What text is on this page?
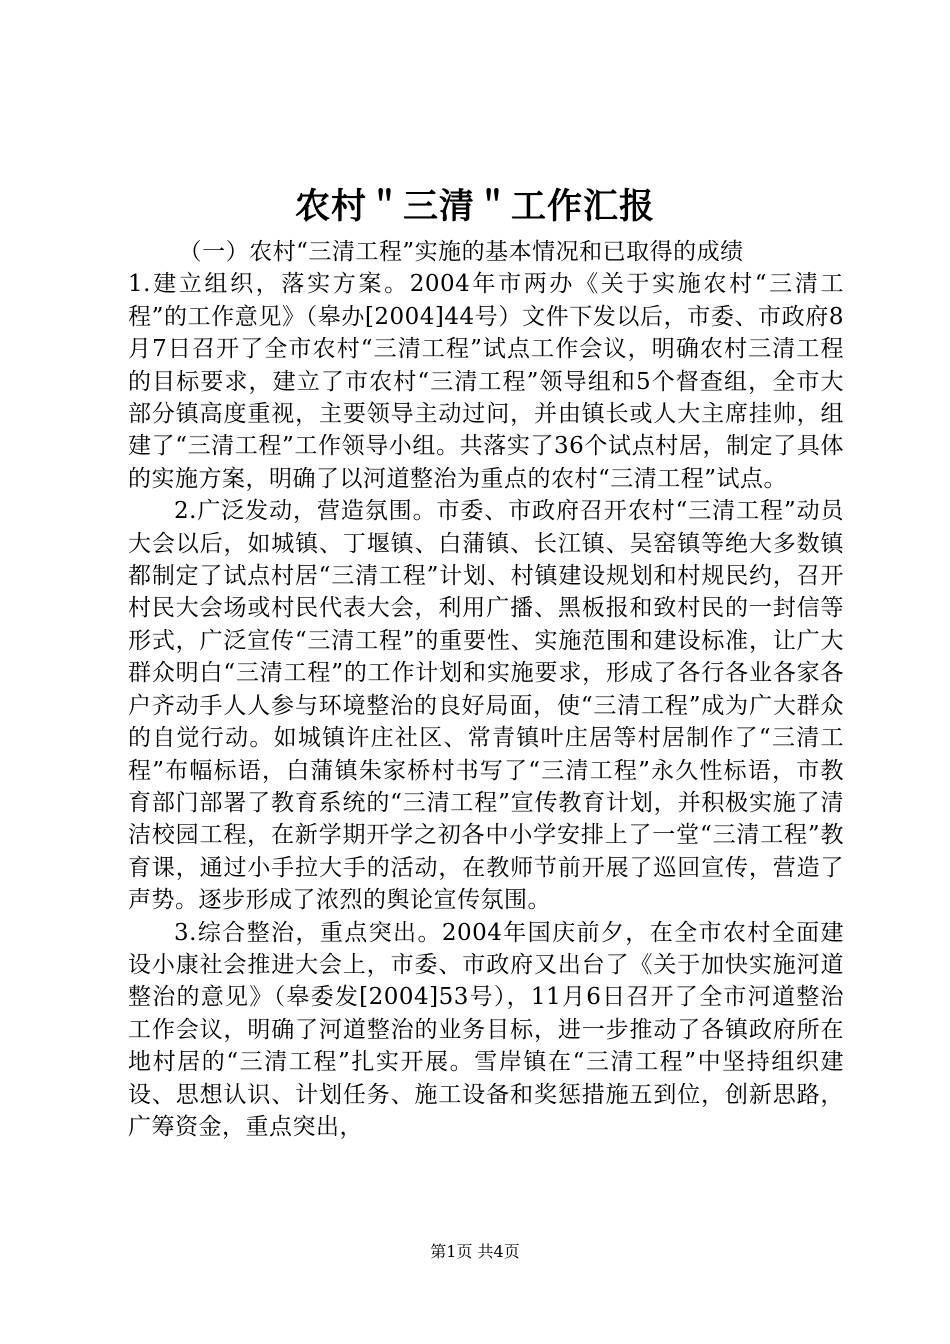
农村＂三清＂工作汇报

（一）农村“三清工程”实施的基本情况和已取得的成绩

1.建立组织，落实方案。2004年市两办《关于实施农村“三清工程”的工作意见》（皋办[2004]44号）文件下发以后，市委、市政府8月7日召开了全市农村“三清工程”试点工作会议，明确农村三清工程的目标要求，建立了市农村“三清工程”领导组和5个督查组，全市大部分镇高度重视，主要领导主动过问，并由镇长或人大主席挂帅，组建了“三清工程”工作领导小组。共落实了36个试点村居，制定了具体的实施方案，明确了以河道整治为重点的农村“三清工程”试点。

2.广泛发动，营造氛围。市委、市政府召开农村“三清工程”动员大会以后，如城镇、丁堰镇、白蒲镇、长江镇、吴窑镇等绝大多数镇都制定了试点村居“三清工程”计划、村镇建设规划和村规民约，召开村民大会场或村民代表大会，利用广播、黑板报和致村民的一封信等形式，广泛宣传“三清工程”的重要性、实施范围和建设标准，让广大群众明白“三清工程”的工作计划和实施要求，形成了各行各业各家各户齐动手人人参与环境整治的良好局面，使“三清工程”成为广大群众的自觉行动。如城镇许庄社区、常青镇叶庄居等村居制作了“三清工程”布幅标语，白蒲镇朱家桥村书写了“三清工程”永久性标语，市教育部门部署了教育系统的“三清工程”宣传教育计划，并积极实施了清洁校园工程，在新学期开学之初各中小学安排上了一堂“三清工程”教育课，通过小手拉大手的活动，在教师节前开展了巡回宣传，营造了声势。逐步形成了浓烈的舆论宣传氛围。

3.综合整治，重点突出。2004年国庆前夕，在全市农村全面建设小康社会推进大会上，市委、市政府又出台了《关于加快实施河道整治的意见》（皋委发[2004]53号），11月6日召开了全市河道整治工作会议，明确了河道整治的业务目标，进一步推动了各镇政府所在地村居的“三清工程”扎实开展。雪岸镇在“三清工程”中坚持组织建设、思想认识、计划任务、施工设备和奖惩措施五到位，创新思路，广筹资金，重点突出，

第1页 共4页
